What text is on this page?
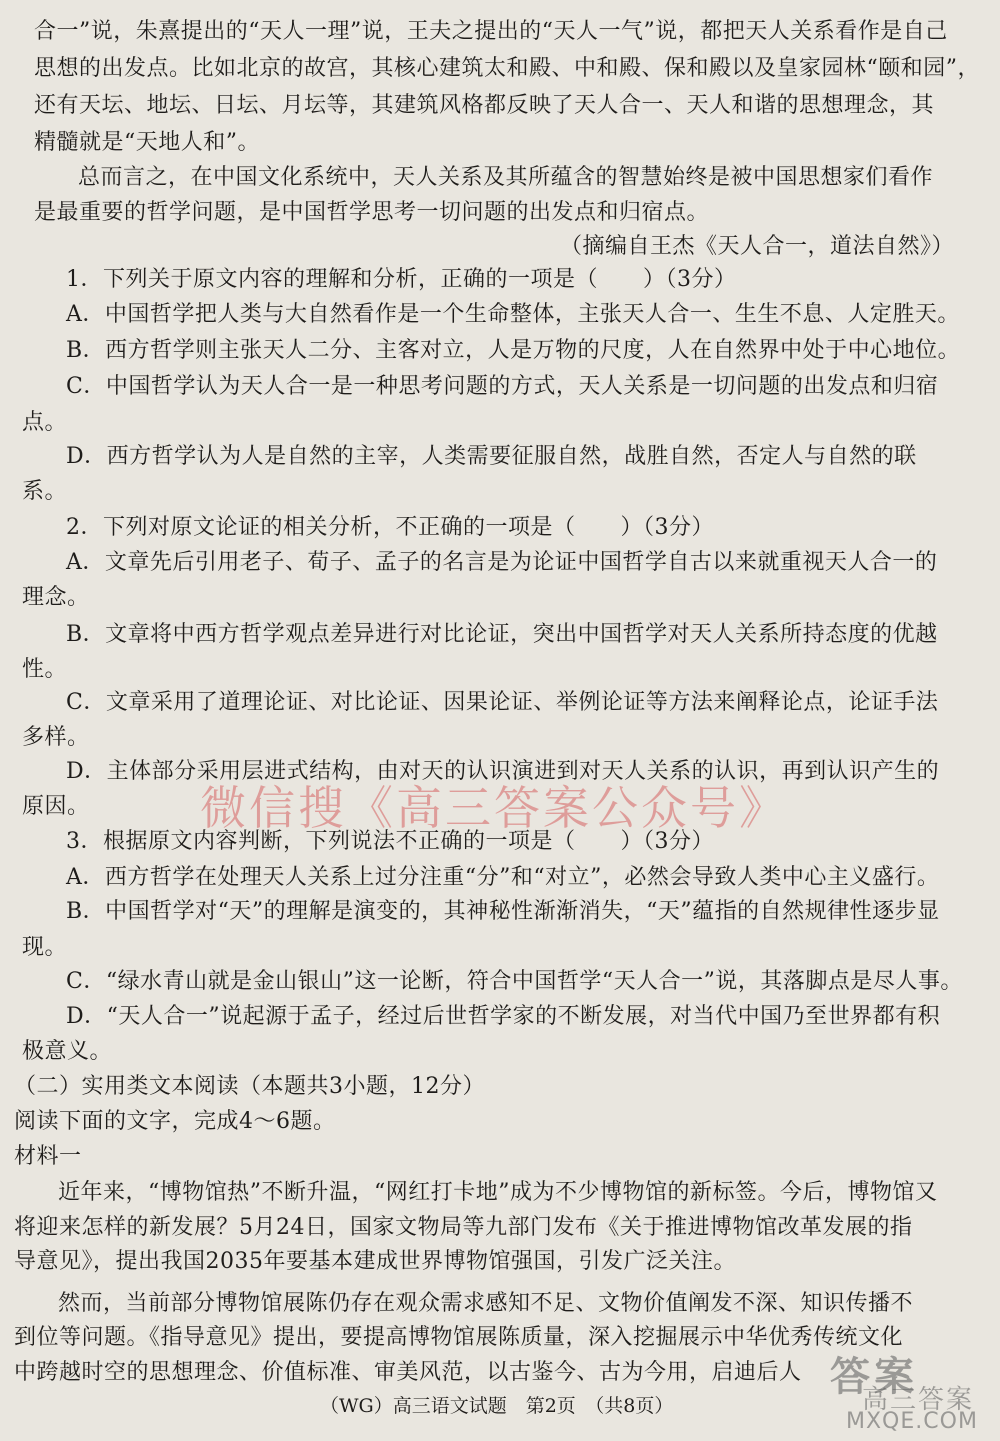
合一”说，朱熹提出的“天人一理”说，王夫之提出的“天人一气”说，都把天人关系看作是自己
思想的出发点。比如北京的故宫，其核心建筑太和殿、中和殿、保和殿以及皇家园林“颐和园”，
还有天坛、地坛、日坛、月坛等，其建筑风格都反映了天人合一、天人和谐的思想理念，其
精髓就是“天地人和”。
总而言之，在中国文化系统中，天人关系及其所蕴含的智慧始终是被中国思想家们看作
是最重要的哲学问题，是中国哲学思考一切问题的出发点和归宿点。
（摘编自王杰《天人合一，道法自然》）
1．下列关于原文内容的理解和分析，正确的一项是（　　）（3分）
A．中国哲学把人类与大自然看作是一个生命整体，主张天人合一、生生不息、人定胜天。
B．西方哲学则主张天人二分、主客对立，人是万物的尺度，人在自然界中处于中心地位。
C．中国哲学认为天人合一是一种思考问题的方式，天人关系是一切问题的出发点和归宿
点。
D．西方哲学认为人是自然的主宰，人类需要征服自然，战胜自然，否定人与自然的联
系。
2．下列对原文论证的相关分析，不正确的一项是（　　）（3分）
A．文章先后引用老子、荀子、孟子的名言是为论证中国哲学自古以来就重视天人合一的
理念。
B．文章将中西方哲学观点差异进行对比论证，突出中国哲学对天人关系所持态度的优越
性。
C．文章采用了道理论证、对比论证、因果论证、举例论证等方法来阐释论点，论证手法
多样。
D．主体部分采用层进式结构，由对天的认识演进到对天人关系的认识，再到认识产生的
原因。 微信搜《高三答案公众号》
3．根据原文内容判断，下列说法不正确的一项是（　　）（3分）
A．西方哲学在处理天人关系上过分注重“分”和“对立”，必然会导致人类中心主义盛行。
B．中国哲学对“天”的理解是演变的，其神秘性渐渐消失，“天”蕴指的自然规律性逐步显
现。
C．“绿水青山就是金山银山”这一论断，符合中国哲学“天人合一”说，其落脚点是尽人事。
D．“天人合一”说起源于孟子，经过后世哲学家的不断发展，对当代中国乃至世界都有积
极意义。
（二）实用类文本阅读（本题共3小题，12分）
阅读下面的文字，完成4～6题。
材料一
近年来，“博物馆热”不断升温，“网红打卡地”成为不少博物馆的新标签。今后，博物馆又
将迎来怎样的新发展？5月24日，国家文物局等九部门发布《关于推进博物馆改革发展的指
导意见》，提出我国2035年要基本建成世界博物馆强国，引发广泛关注。
然而，当前部分博物馆展陈仍存在观众需求感知不足、文物价值阐发不深、知识传播不
到位等问题。《指导意见》提出，要提高博物馆展陈质量，深入挖掘展示中华优秀传统文化
中跨越时空的思想理念、价值标准、审美风范，以古鉴今、古为今用，启迪后人
（WG）高三语文试题　第2页　（共8页）
答案
高三答案
MXQE.COM
